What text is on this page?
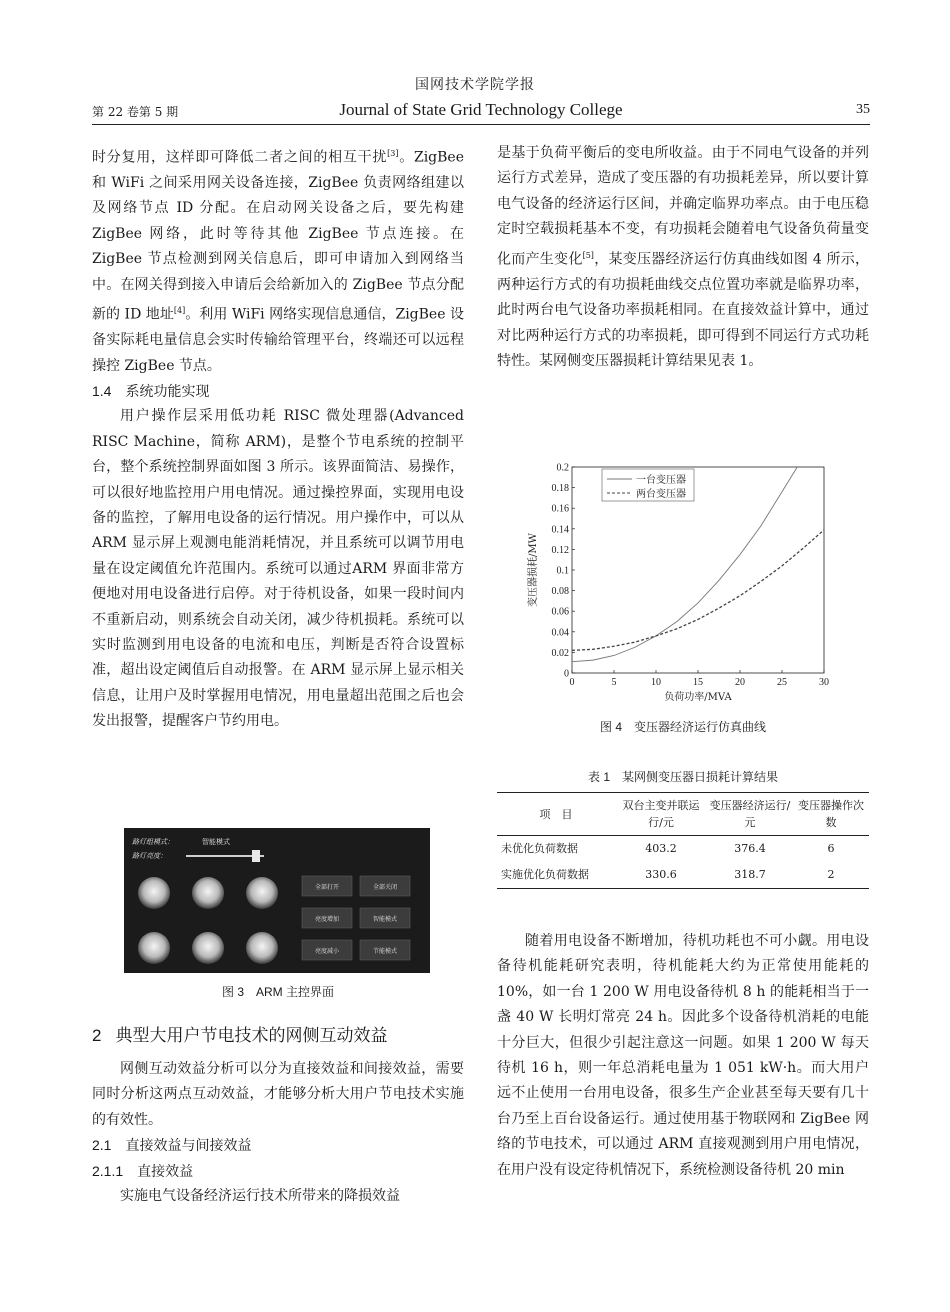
国网技术学院学报
第 22 卷第 5 期	Journal of State Grid Technology College	35

时分复用，这样即可降低二者之间的相互干扰[3]。ZigBee 和 WiFi 之间采用网关设备连接，ZigBee 负责网络组建以及网络节点 ID 分配。在启动网关设备之后，要先构建 ZigBee 网络，此时等待其他 ZigBee 节点连接。在 ZigBee 节点检测到网关信息后，即可申请加入到网络当中。在网关得到接入申请后会给新加入的 ZigBee 节点分配新的 ID 地址[4]。利用 WiFi 网络实现信息通信，ZigBee 设备实际耗电量信息会实时传输给管理平台，终端还可以远程操控 ZigBee 节点。

1.4 系统功能实现

用户操作层采用低功耗 RISC 微处理器(Advanced RISC Machine，简称 ARM)，是整个节电系统的控制平台，整个系统控制界面如图 3 所示。该界面简洁、易操作，可以很好地监控用户用电情况。通过操控界面，实现用电设备的监控，了解用电设备的运行情况。用户操作中，可以从 ARM 显示屏上观测电能消耗情况，并且系统可以调节用电量在设定阈值允许范围内。系统可以通过ARM 界面非常方便地对用电设备进行启停。对于待机设备，如果一段时间内不重新启动，则系统会自动关闭，减少待机损耗。系统可以实时监测到用电设备的电流和电压，判断是否符合设置标准，超出设定阈值后自动报警。在 ARM 显示屏上显示相关信息，让用户及时掌握用电情况，用电量超出范围之后也会发出报警，提醒客户节约用电。

路灯组模式：	智能模式
路灯亮度：
全部打开	全部关闭
亮度增加	智能模式
亮度减小	节能模式
图 3　ARM 主控界面
2 典型大用户节电技术的网侧互动效益

网侧互动效益分析可以分为直接效益和间接效益，需要同时分析这两点互动效益，才能够分析大用户节电技术实施的有效性。

2.1 直接效益与间接效益
2.1.1 直接效益

实施电气设备经济运行技术所带来的降损效益

是基于负荷平衡后的变电所收益。由于不同电气设备的并列运行方式差异，造成了变压器的有功损耗差异，所以要计算电气设备的经济运行区间，并确定临界功率点。由于电压稳定时空载损耗基本不变，有功损耗会随着电气设备负荷量变化而产生变化[5]，某变压器经济运行仿真曲线如图 4 所示，两种运行方式的有功损耗曲线交点位置功率就是临界功率，此时两台电气设备功率损耗相同。在直接效益计算中，通过对比两种运行方式的功率损耗，即可得到不同运行方式功耗特性。某网侧变压器损耗计算结果见表 1。

0
0.02
0.04
0.06
0.08
0.1
0.12
0.14
0.16
0.18
0.2
0	5	10	15	20	25	30
负荷功率/MVA
变压器损耗/MW
一台变压器
两台变压器
图 4　变压器经济运行仿真曲线
表 1　某网侧变压器日损耗计算结果
项　目	双台主变并联运行/元	变压器经济运行/元	变压器操作次数
未优化负荷数据	403.2	376.4	6
实施优化负荷数据	330.6	318.7	2

随着用电设备不断增加，待机功耗也不可小觑。用电设备待机能耗研究表明，待机能耗大约为正常使用能耗的 10%，如一台 1 200 W 用电设备待机 8 h 的能耗相当于一盏 40 W 长明灯常亮 24 h。因此多个设备待机消耗的电能十分巨大，但很少引起注意这一问题。如果 1 200 W 每天待机 16 h，则一年总消耗电量为 1 051 kW·h。而大用户远不止使用一台用电设备，很多生产企业甚至每天要有几十台乃至上百台设备运行。通过使用基于物联网和 ZigBee 网络的节电技术，可以通过 ARM 直接观测到用户用电情况，在用户没有设定待机情况下，系统检测设备待机 20 min
